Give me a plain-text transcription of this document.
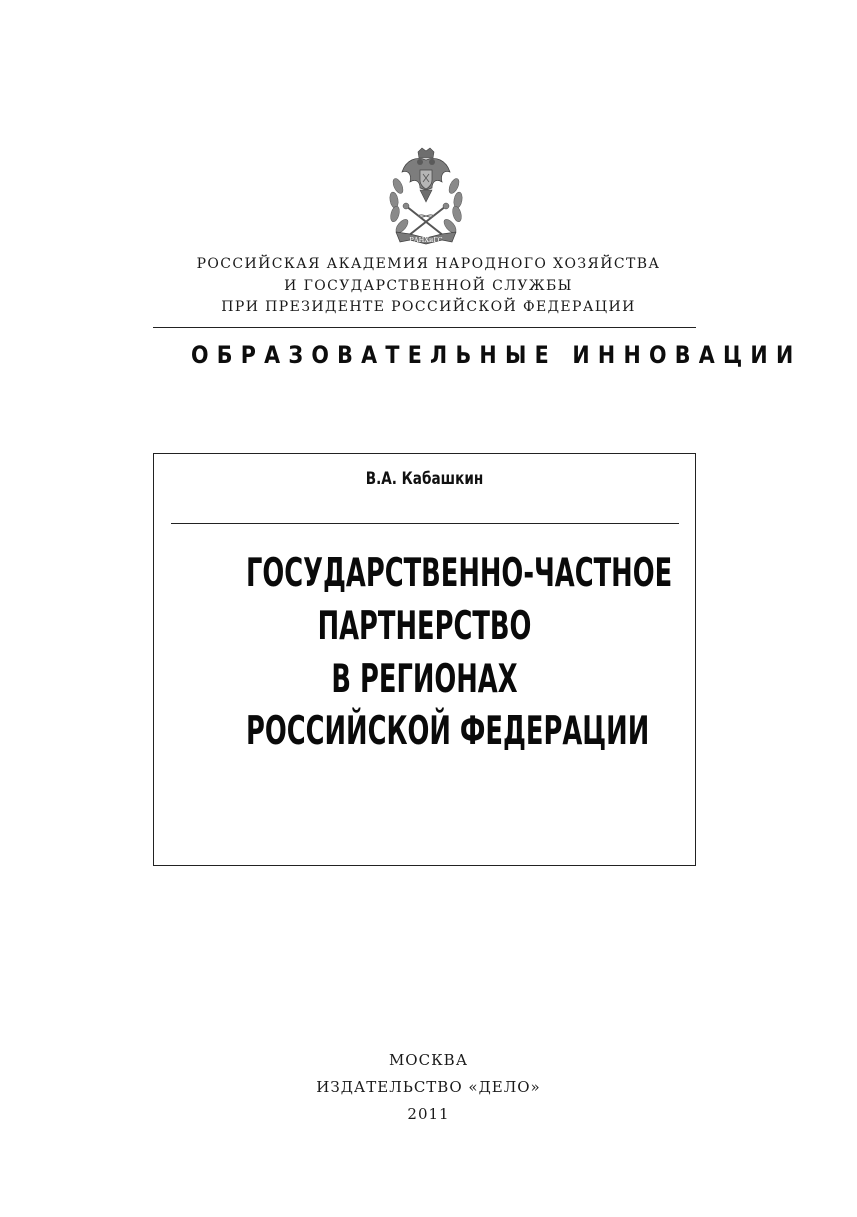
РАНХиГС
РОССИЙСКАЯ АКАДЕМИЯ НАРОДНОГО ХОЗЯЙСТВА
И ГОСУДАРСТВЕННОЙ СЛУЖБЫ
ПРИ ПРЕЗИДЕНТЕ РОССИЙСКОЙ ФЕДЕРАЦИИ
ОБРАЗОВАТЕЛЬНЫЕ ИННОВАЦИИ
В.А. Кабашкин
ГОСУДАРСТВЕННО-ЧАСТНОЕ
ПАРТНЕРСТВО
В РЕГИОНАХ
РОССИЙСКОЙ ФЕДЕРАЦИИ
МОСКВА
ИЗДАТЕЛЬСТВО «ДЕЛО»
2011
